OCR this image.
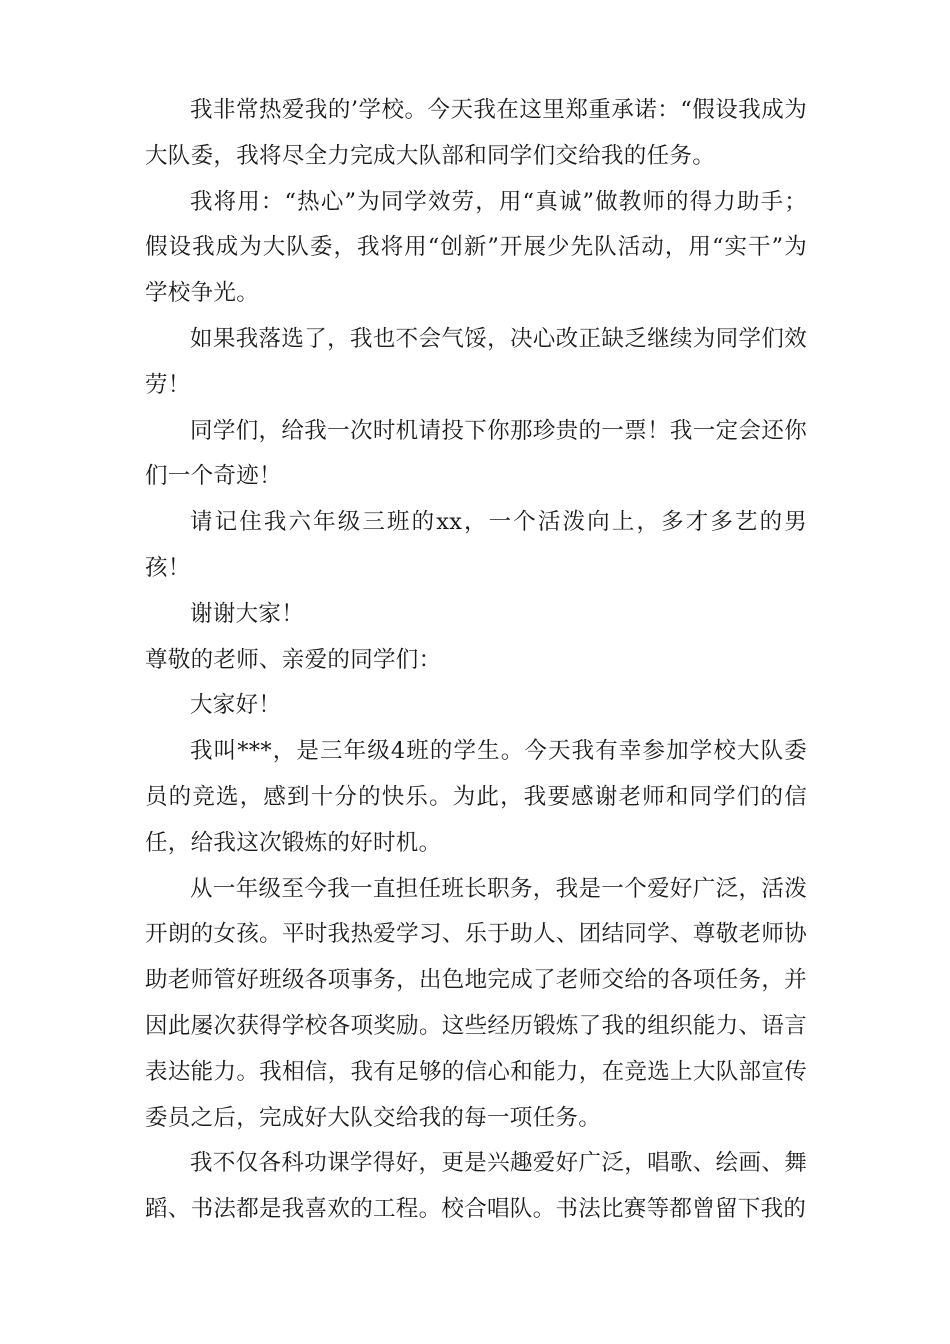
我非常热爱我的’学校。今天我在这里郑重承诺：“假设我成为大队委，我将尽全力完成大队部和同学们交给我的任务。

我将用：“热心”为同学效劳，用“真诚”做教师的得力助手；假设我成为大队委，我将用“创新”开展少先队活动，用“实干”为学校争光。

如果我落选了，我也不会气馁，决心改正缺乏继续为同学们效劳！

同学们，给我一次时机请投下你那珍贵的一票！我一定会还你们一个奇迹！

请记住我六年级三班的xx，一个活泼向上，多才多艺的男孩！

谢谢大家！

尊敬的老师、亲爱的同学们：

大家好！

我叫***，是三年级4班的学生。今天我有幸参加学校大队委员的竞选，感到十分的快乐。为此，我要感谢老师和同学们的信任，给我这次锻炼的好时机。

从一年级至今我一直担任班长职务，我是一个爱好广泛，活泼开朗的女孩。平时我热爱学习、乐于助人、团结同学、尊敬老师协助老师管好班级各项事务，出色地完成了老师交给的各项任务，并因此屡次获得学校各项奖励。这些经历锻炼了我的组织能力、语言表达能力。我相信，我有足够的信心和能力，在竞选上大队部宣传委员之后，完成好大队交给我的每一项任务。

我不仅各科功课学得好，更是兴趣爱好广泛，唱歌、绘画、舞蹈、书法都是我喜欢的工程。校合唱队。书法比赛等都曾留下我的
